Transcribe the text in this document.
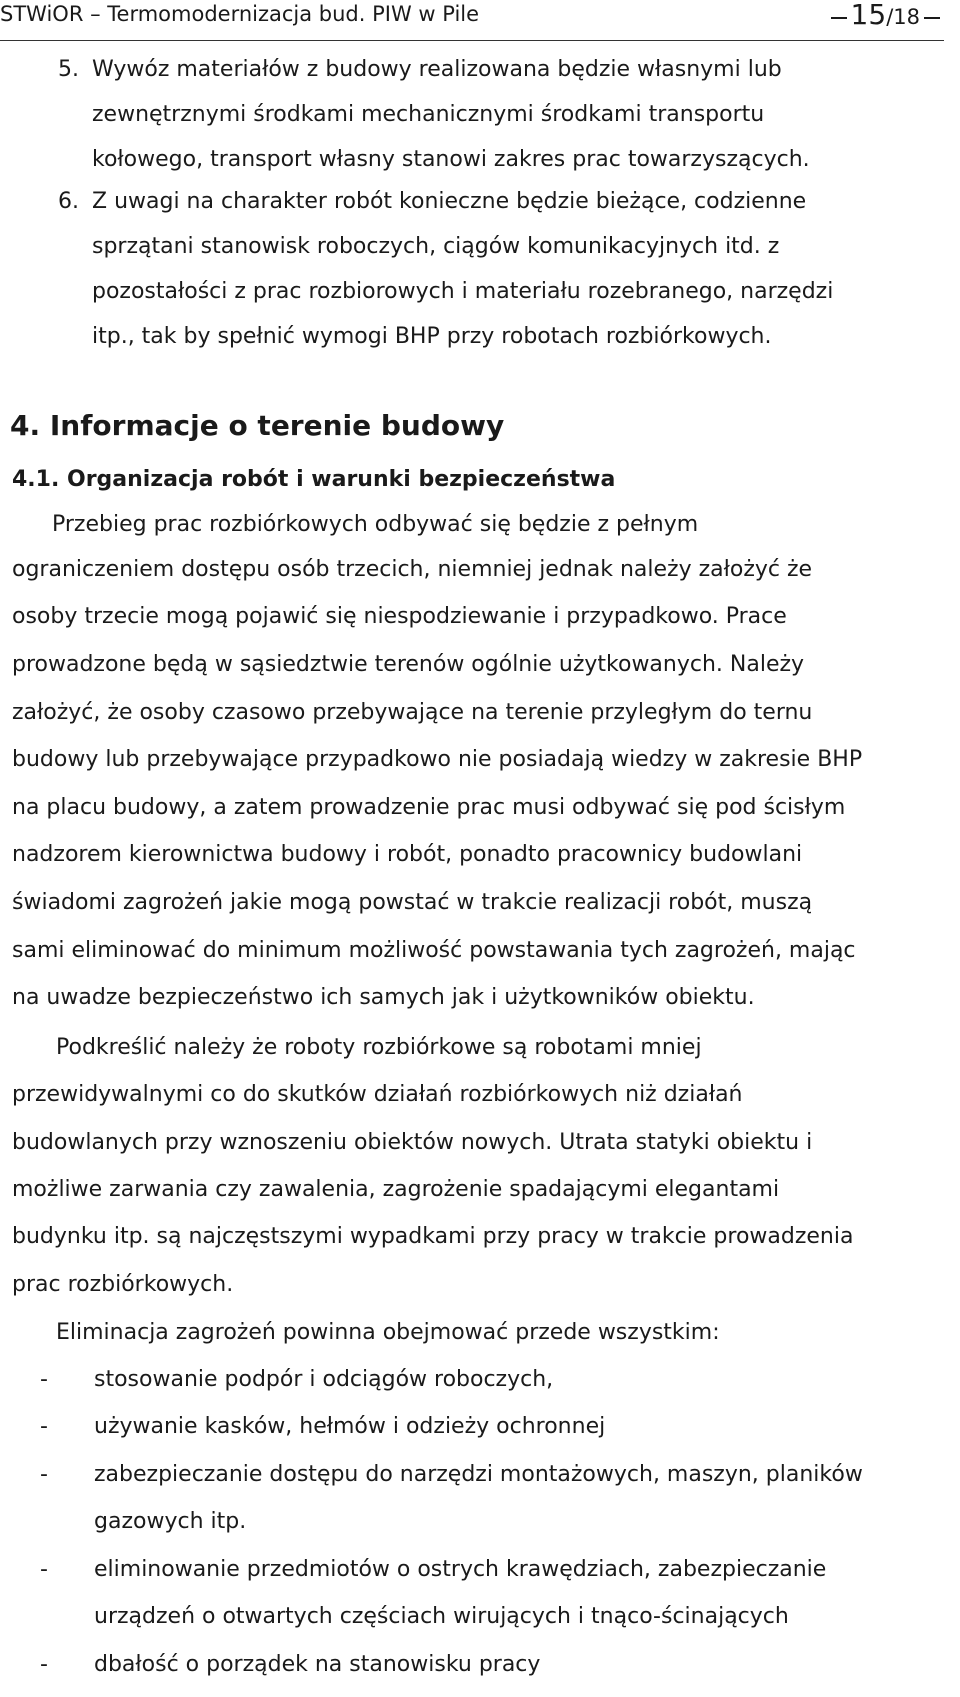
STWiOR – Termomodernizacja bud. PIW w Pile	15/18
5. Wywóz materiałów z budowy realizowana będzie własnymi lub
zewnętrznymi środkami mechanicznymi środkami transportu
kołowego, transport własny stanowi zakres prac towarzyszących.
6. Z uwagi na charakter robót konieczne będzie bieżące, codzienne
sprzątani stanowisk roboczych, ciągów komunikacyjnych itd. z
pozostałości z prac rozbiorowych i materiału rozebranego, narzędzi
itp., tak by spełnić wymogi BHP przy robotach rozbiórkowych.
4. Informacje o terenie budowy
4.1. Organizacja robót i warunki bezpieczeństwa
Przebieg prac rozbiórkowych odbywać się będzie z pełnym
ograniczeniem dostępu osób trzecich, niemniej jednak należy założyć że
osoby trzecie mogą pojawić się niespodziewanie i przypadkowo. Prace
prowadzone będą w sąsiedztwie terenów ogólnie użytkowanych. Należy
założyć, że osoby czasowo przebywające na terenie przyległym do ternu
budowy lub przebywające przypadkowo nie posiadają wiedzy w zakresie BHP
na placu budowy, a zatem prowadzenie prac musi odbywać się pod ścisłym
nadzorem kierownictwa budowy i robót, ponadto pracownicy budowlani
świadomi zagrożeń jakie mogą powstać w trakcie realizacji robót, muszą
sami eliminować do minimum możliwość powstawania tych zagrożeń, mając
na uwadze bezpieczeństwo ich samych jak i użytkowników obiektu.
Podkreślić należy że roboty rozbiórkowe są robotami mniej
przewidywalnymi co do skutków działań rozbiórkowych niż działań
budowlanych przy wznoszeniu obiektów nowych. Utrata statyki obiektu i
możliwe zarwania czy zawalenia, zagrożenie spadającymi elegantami
budynku itp. są najczęstszymi wypadkami przy pracy w trakcie prowadzenia
prac rozbiórkowych.
Eliminacja zagrożeń powinna obejmować przede wszystkim:
- stosowanie podpór i odciągów roboczych,
- używanie kasków, hełmów i odzieży ochronnej
- zabezpieczanie dostępu do narzędzi montażowych, maszyn, planików
gazowych itp.
- eliminowanie przedmiotów o ostrych krawędziach, zabezpieczanie
urządzeń o otwartych częściach wirujących i tnąco-ścinających
- dbałość o porządek na stanowisku pracy
